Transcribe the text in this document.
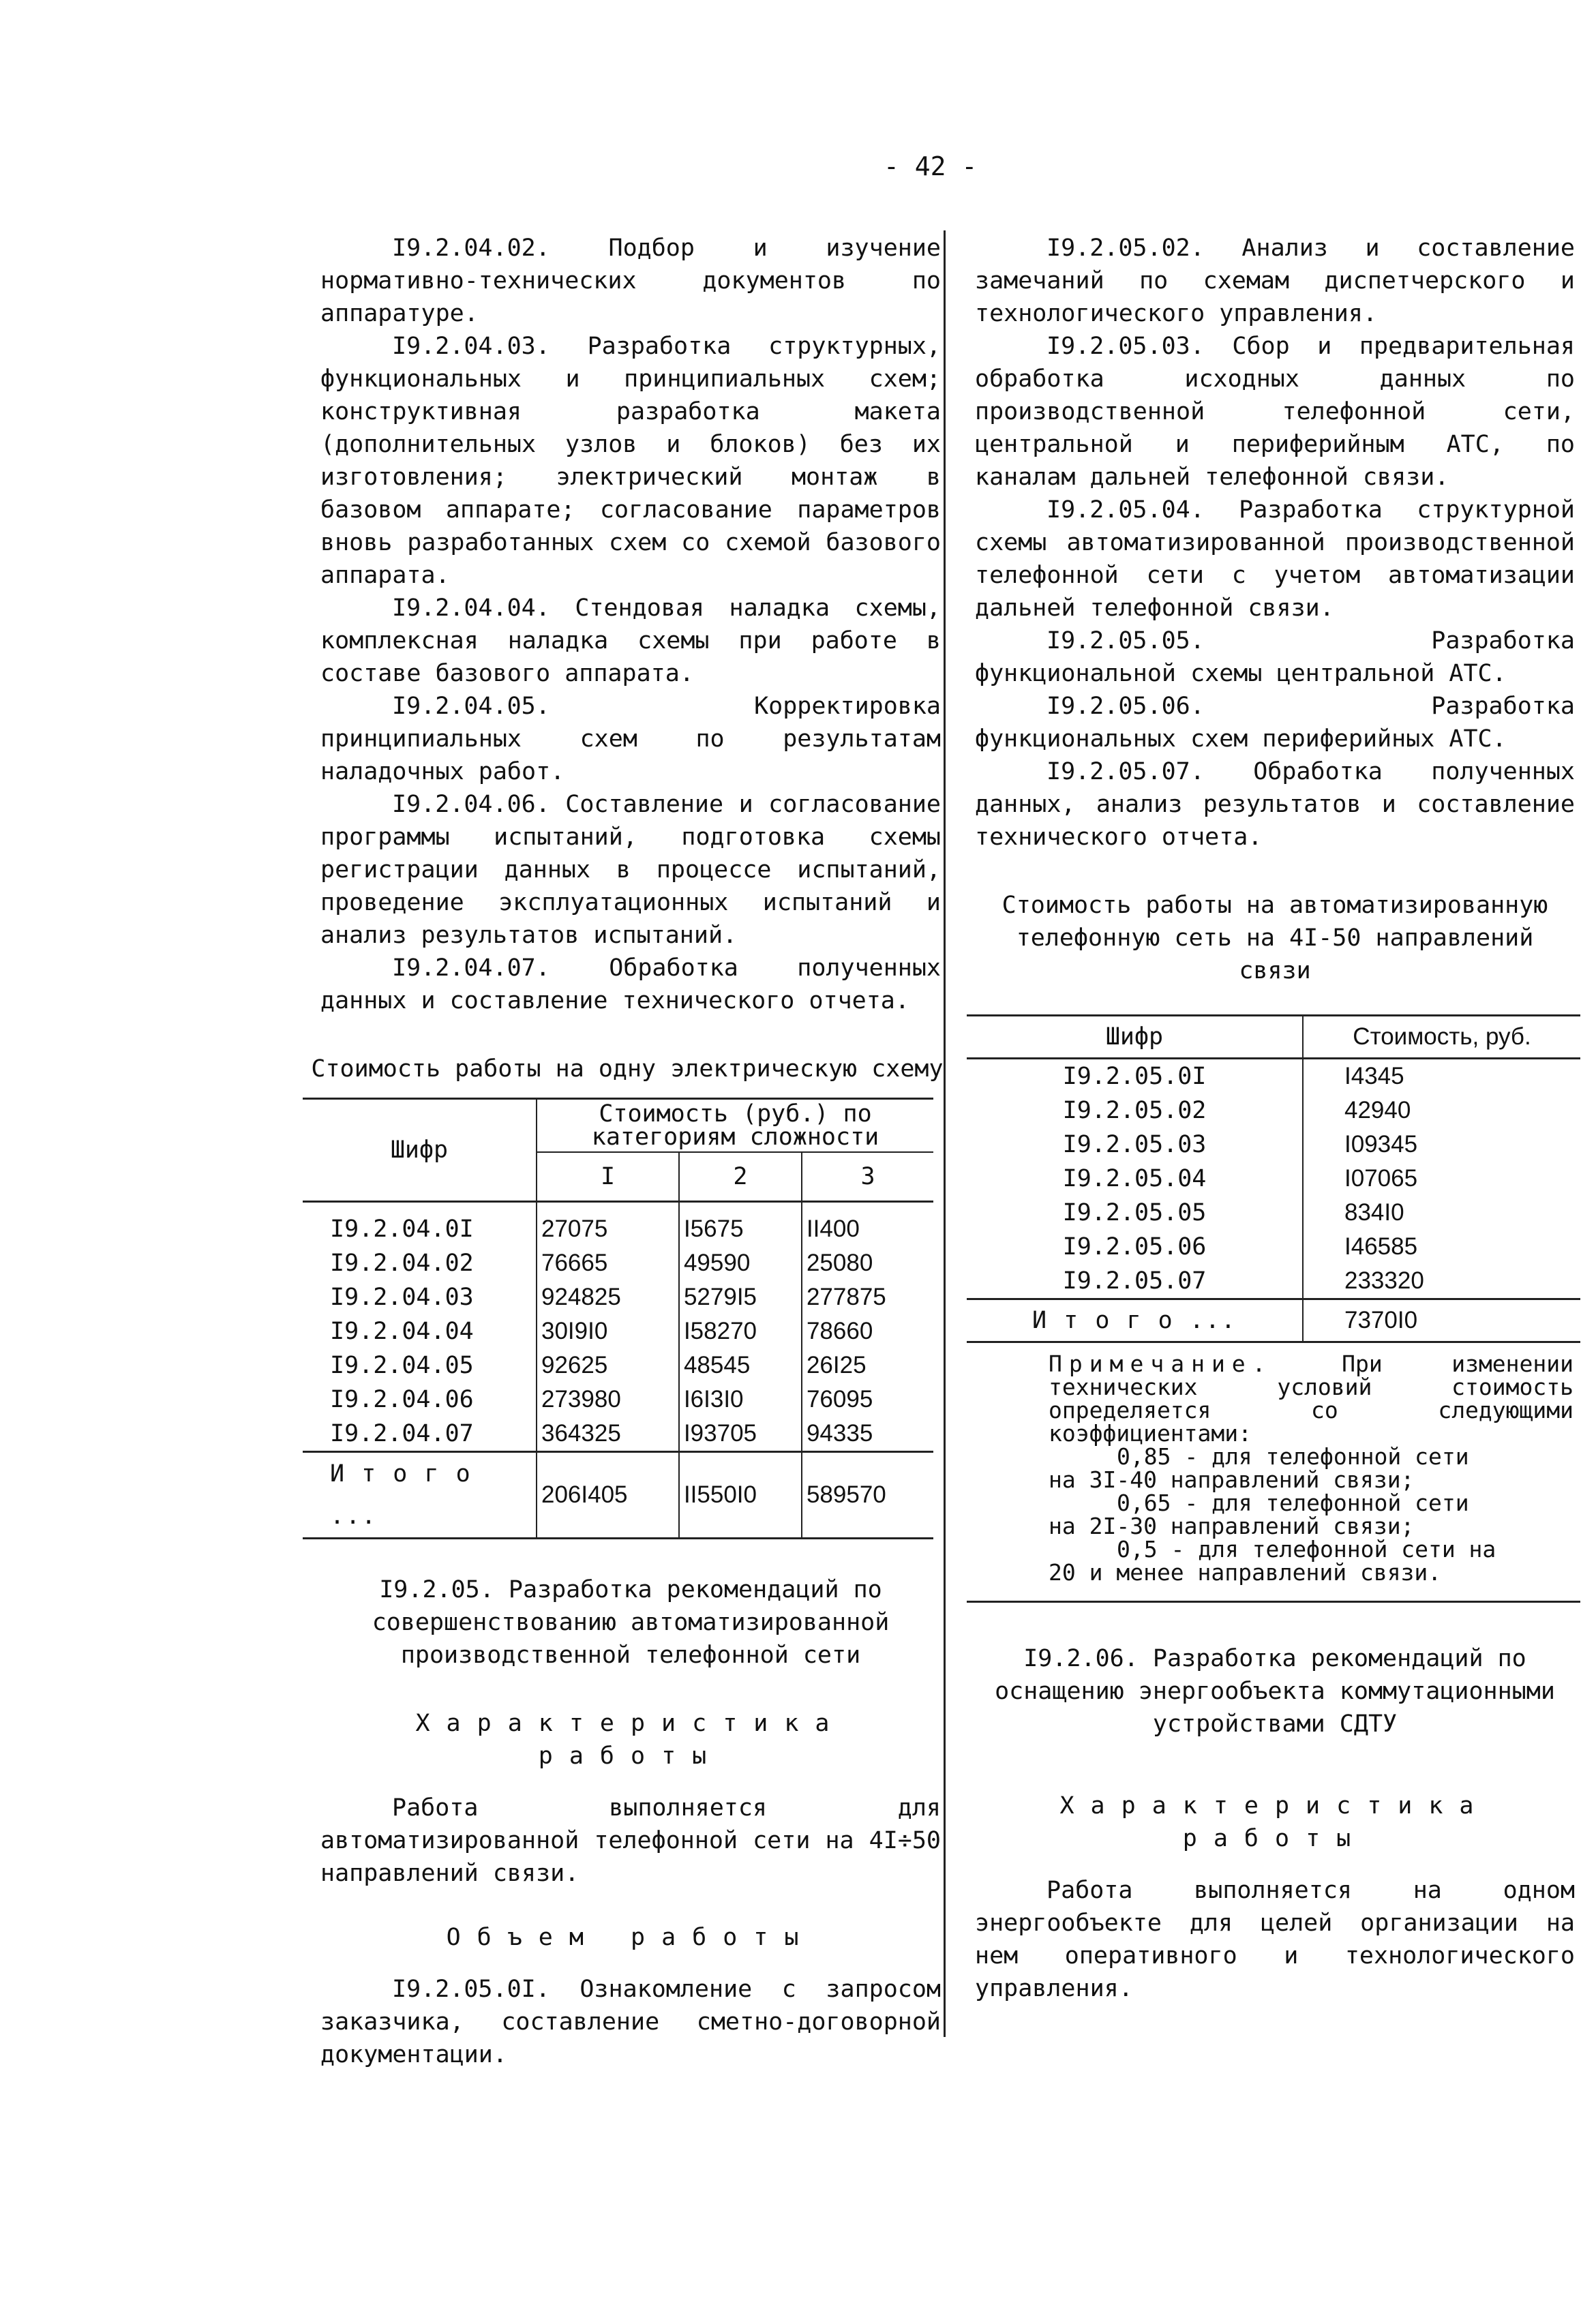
- 42 -

I9.2.04.02. Подбор и изучение нормативно-технических документов по аппаратуре.

I9.2.04.03. Разработка структурных, функциональных и принципиальных схем; конструктивная разработка макета (дополнительных узлов и блоков) без их изготовления; электрический монтаж в базовом аппарате; согласование параметров вновь разработанных схем со схемой базового аппарата.

I9.2.04.04. Стендовая наладка схемы, комплексная наладка схемы при работе в составе базового аппарата.

I9.2.04.05. Корректировка принципиальных схем по результатам наладочных работ.

I9.2.04.06. Составление и согласование программы испытаний, подготовка схемы регистрации данных в процессе испытаний, проведение эксплуатационных испытаний и анализ результатов испытаний.

I9.2.04.07. Обработка полученных данных и составление технического отчета.

Стоимость работы на одну электрическую схему

Шифр	Стоимость (руб.) по категориям сложности		
	I	2	3
I9.2.04.0I	27075	I5675	II400
I9.2.04.02	76665	49590	25080
I9.2.04.03	924825	5279I5	277875
I9.2.04.04	30I9I0	I58270	78660
I9.2.04.05	92625	48545	26I25
I9.2.04.06	273980	I6I3I0	76095
I9.2.04.07	364325	I93705	94335
И т о г о ...	206I405	II550I0	589570

I9.2.05. Разработка рекомендаций по совершенствованию автоматизированной производственной телефонной сети

Характеристика работы

Работа выполняется для автоматизированной телефонной сети на 4I÷50 направлений связи.

Объем работы

I9.2.05.0I. Ознакомление с запросом заказчика, составление сметно-договорной документации.

I9.2.05.02. Анализ и составление замечаний по схемам диспетчерского и технологического управления.

I9.2.05.03. Сбор и предварительная обработка исходных данных по производственной телефонной сети, центральной и периферийным АТС, по каналам дальней телефонной связи.

I9.2.05.04. Разработка структурной схемы автоматизированной производственной телефонной сети с учетом автоматизации дальней телефонной связи.

I9.2.05.05. Разработка функциональной схемы центральной АТС.

I9.2.05.06. Разработка функциональных схем периферийных АТС.

I9.2.05.07. Обработка полученных данных, анализ результатов и составление технического отчета.

Стоимость работы на автоматизированную телефонную сеть на 4I-50 направлений связи

Шифр	Стоимость, руб.
I9.2.05.0I	I4345
I9.2.05.02	42940
I9.2.05.03	I09345
I9.2.05.04	I07065
I9.2.05.05	834I0
I9.2.05.06	I46585
I9.2.05.07	233320
И т о г о ...	7370I0

Примечание.	При изменении технических условий стоимость определяется со следующими коэффициентами:

0,85 - для телефонной сети

на 3I-40 направлений связи;

0,65 - для телефонной сети

на 2I-30 направлений связи;

0,5 - для телефонной сети на

20 и менее направлений связи.

I9.2.06. Разработка рекомендаций по оснащению энергообъекта коммутационными устройствами СДТУ

Характеристика работы

Работа выполняется на одном энергообъекте для целей организации на нем оперативного и технологического управления.
